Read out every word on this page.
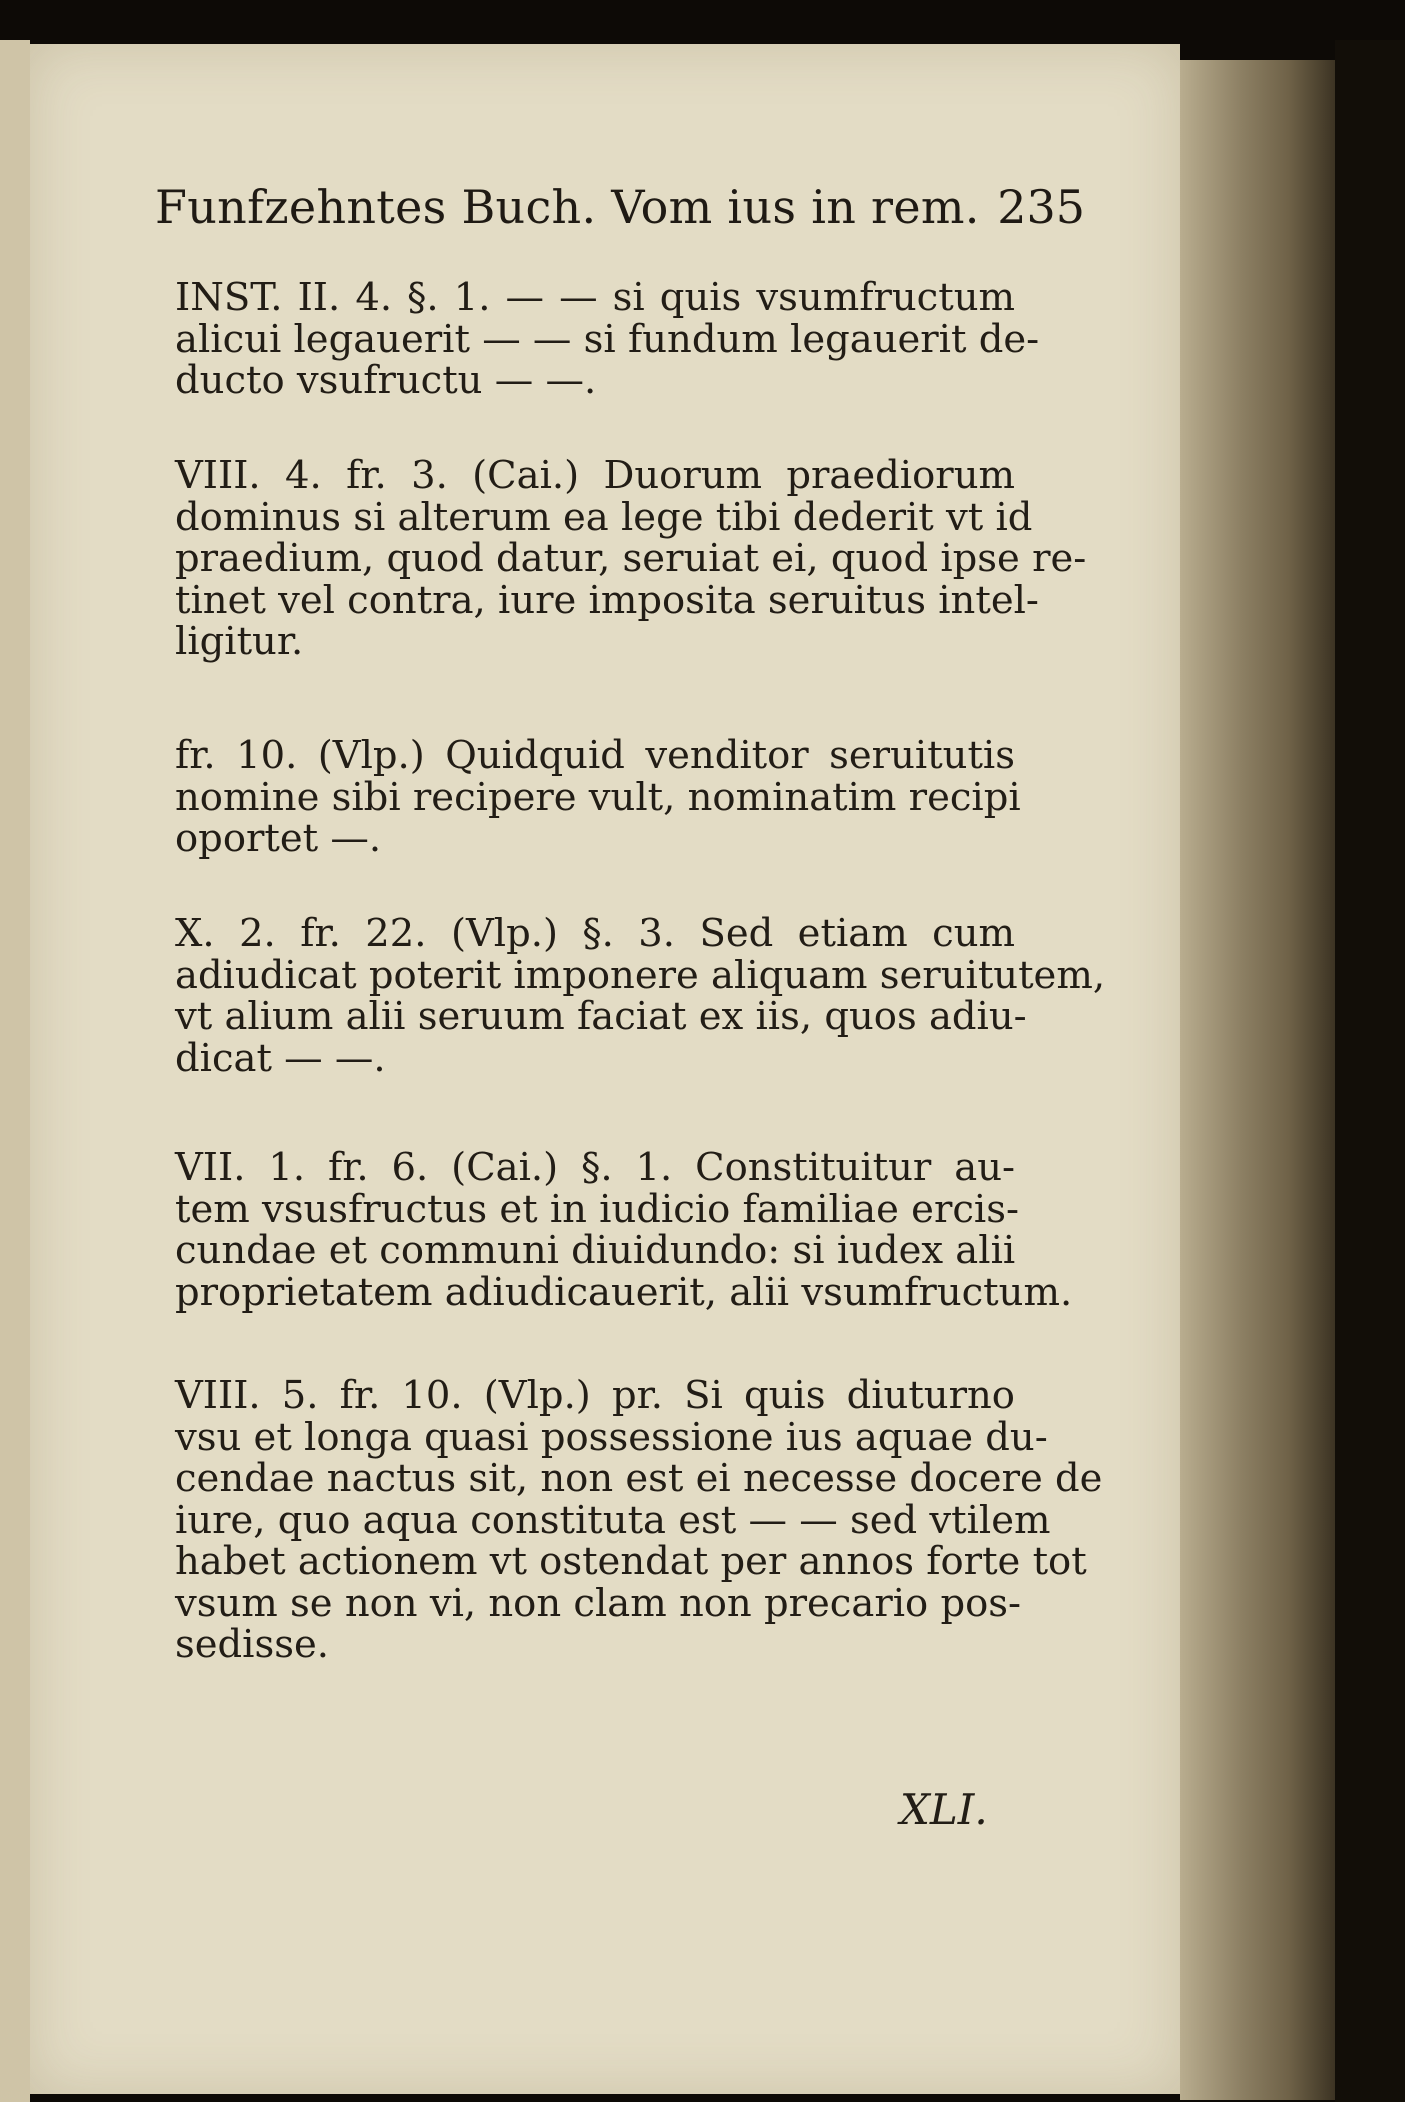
Funfzehntes Buch. Vom ius in rem. 235
INST. II. 4. §. 1. — — si quis vsumfructum
alicui legauerit — — si fundum legauerit de-
ducto vsufructu — —.
VIII. 4. fr. 3. (Cai.) Duorum praediorum
dominus si alterum ea lege tibi dederit vt id
praedium, quod datur, seruiat ei, quod ipse re-
tinet vel contra, iure imposita seruitus intel-
ligitur.
fr. 10. (Vlp.) Quidquid venditor seruitutis
nomine sibi recipere vult, nominatim recipi
oportet —.
X. 2. fr. 22. (Vlp.) §. 3. Sed etiam cum
adiudicat poterit imponere aliquam seruitutem,
vt alium alii seruum faciat ex iis, quos adiu-
dicat — —.
VII. 1. fr. 6. (Cai.) §. 1. Constituitur au-
tem vsusfructus et in iudicio familiae ercis-
cundae et communi diuidundo: si iudex alii
proprietatem adiudicauerit, alii vsumfructum.
VIII. 5. fr. 10. (Vlp.) pr. Si quis diuturno
vsu et longa quasi possessione ius aquae du-
cendae nactus sit, non est ei necesse docere de
iure, quo aqua constituta est — — sed vtilem
habet actionem vt ostendat per annos forte tot
vsum se non vi, non clam non precario pos-
sedisse.
XLI.
